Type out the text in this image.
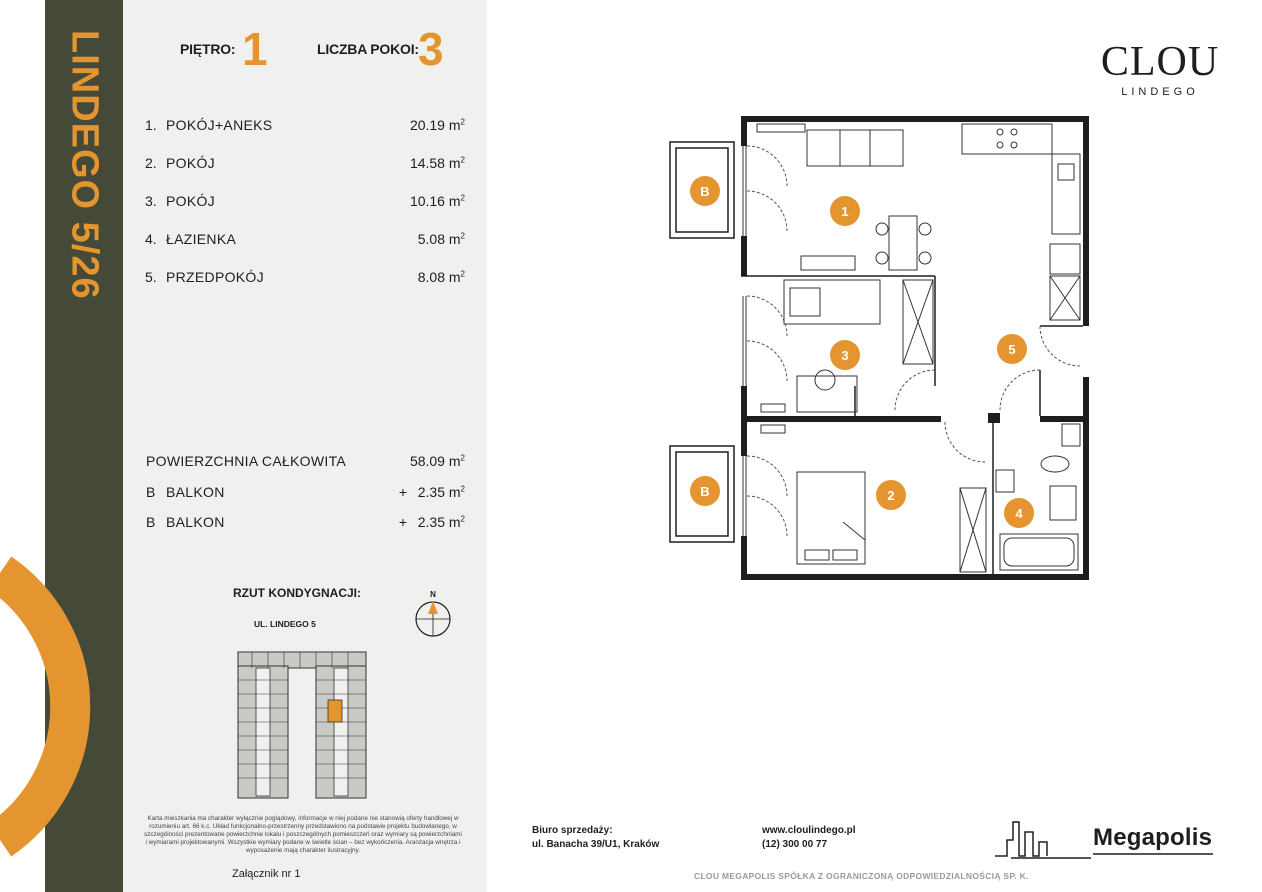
LINDEGO 5/26	PIĘTRO: 1	LICZBA POKOI: 3
1. POKÓJ+ANEKS	20.19 $m^2$
2. POKÓJ	14.58 $m^2$
3. POKÓJ	10.16 $m^2$
4. ŁAZIENKA	5.08 $m^2$
5. PRZEDPOKÓJ	8.08 $m^2$
POWIERZCHNIA CAŁKOWITA	58.09 $m^2$
B BALKON	+ 2.35 $m^2$
B BALKON	+ 2.35 $m^2$
RZUT KONDYGNACJI:
UL. LINDEGO 5
N
Karta mieszkania ma charakter wyłącznie poglądowy, informacje w niej podane nie stanowią oferty handlowej w rozumieniu art. 66 k.c. Układ funkcjonalno-przestrzenny przedstawiono na podstawie projektu budowlanego, w szczególności prezentowane powierzchnie lokalu i poszczególnych pomieszczeń oraz wymiary są powierzchniami i wymiarami projektowanymi. Wszystkie wymiary podane w świetle ścian – bez wykończenia. Aranżacja wnętrza i wyposażenie mają charakter ilustracyjny.
Załącznik nr 1
CLOU
LINDEGO
B
B
1
2
3
4
5
Biuro sprzedaży:
ul. Banacha 39/U1, Kraków
www.cloulindego.pl
(12) 300 00 77	Megapolis
CLOU MEGAPOLIS SPÓŁKA Z OGRANICZONĄ ODPOWIEDZIALNOŚCIĄ SP. K.
